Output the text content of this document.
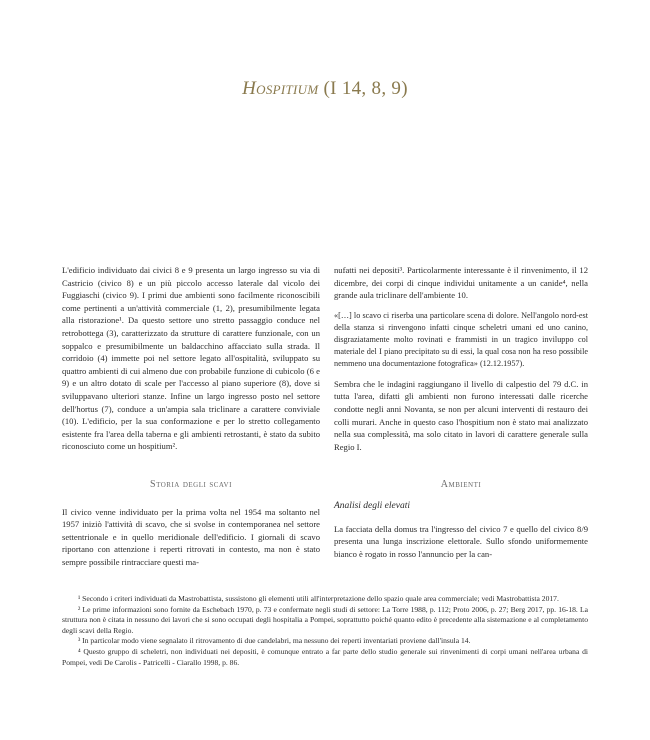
Hospitium (I 14, 8, 9)

L'edificio individuato dai civici 8 e 9 presenta un largo ingresso su via di Castricio (civico 8) e un più piccolo accesso laterale dal vicolo dei Fuggiaschi (civico 9). I primi due ambienti sono facilmente riconoscibili come pertinenti a un'attività commerciale (1, 2), presumibilmente legata alla ristorazione¹. Da questo settore uno stretto passaggio conduce nel retrobottega (3), caratterizzato da strutture di carattere funzionale, con un soppalco e presumibilmente un baldacchino affacciato sulla strada. Il corridoio (4) immette poi nel settore legato all'ospitalità, sviluppato su quattro ambienti di cui almeno due con probabile funzione di cubicolo (6 e 9) e un altro dotato di scale per l'accesso al piano superiore (8), dove si sviluppavano ulteriori stanze. Infine un largo ingresso posto nel settore dell'hortus (7), conduce a un'ampia sala triclinare a carattere conviviale (10). L'edificio, per la sua conformazione e per lo stretto collegamento esistente fra l'area della taberna e gli ambienti retrostanti, è stato da subito riconosciuto come un hospitium².

Storia degli scavi

Il civico venne individuato per la prima volta nel 1954 ma soltanto nel 1957 iniziò l'attività di scavo, che si svolse in contemporanea nel settore settentrionale e in quello meridionale dell'edificio. I giornali di scavo riportano con attenzione i reperti ritrovati in contesto, ma non è stato sempre possibile rintracciare questi ma-

nufatti nei depositi³. Particolarmente interessante è il rinvenimento, il 12 dicembre, dei corpi di cinque individui unitamente a un canide⁴, nella grande aula triclinare dell'ambiente 10.

«[…] lo scavo ci riserba una particolare scena di dolore. Nell'angolo nord-est della stanza si rinvengono infatti cinque scheletri umani ed uno canino, disgraziatamente molto rovinati e frammisti in un tragico inviluppo col materiale del I piano precipitato su di essi, la qual cosa non ha reso possibile nemmeno una documentazione fotografica» (12.12.1957).

Sembra che le indagini raggiungano il livello di calpestio del 79 d.C. in tutta l'area, difatti gli ambienti non furono interessati dalle ricerche condotte negli anni Novanta, se non per alcuni interventi di restauro dei colli murari. Anche in questo caso l'hospitium non è stato mai analizzato nella sua complessità, ma solo citato in lavori di carattere generale sulla Regio I.

Ambienti

Analisi degli elevati

La facciata della domus tra l'ingresso del civico 7 e quello del civico 8/9 presenta una lunga inscrizione elettorale. Sullo sfondo uniformemente bianco è rogato in rosso l'annuncio per la can-

¹ Secondo i criteri individuati da Mastrobattista, sussistono gli elementi utili all'interpretazione dello spazio quale area commerciale; vedi Mastrobattista 2017.

² Le prime informazioni sono fornite da Eschebach 1970, p. 73 e confermate negli studi di settore: La Torre 1988, p. 112; Proto 2006, p. 27; Berg 2017, pp. 16-18. La struttura non è citata in nessuno dei lavori che si sono occupati degli hospitalia a Pompei, soprattutto poiché quanto edito è precedente alla sistemazione e al completamento degli scavi della Regio.

³ In particolar modo viene segnalato il ritrovamento di due candelabri, ma nessuno dei reperti inventariati proviene dall'insula 14.

⁴ Questo gruppo di scheletri, non individuati nei depositi, è comunque entrato a far parte dello studio generale sui rinvenimenti di corpi umani nell'area urbana di Pompei, vedi De Carolis - Patricelli - Ciarallo 1998, p. 86.
